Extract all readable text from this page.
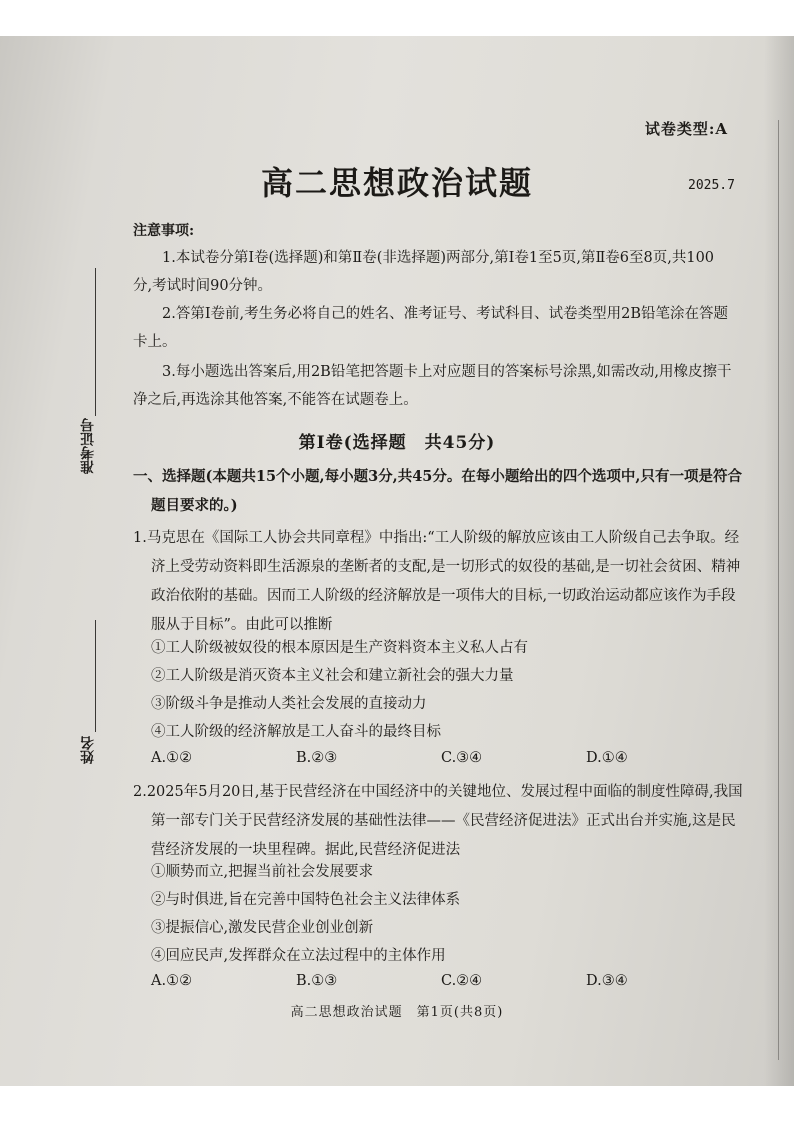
准考证号
姓名
试卷类型:A
高二思想政治试题	2025.7
注意事项:
1.本试卷分第Ⅰ卷(选择题)和第Ⅱ卷(非选择题)两部分,第Ⅰ卷1至5页,第Ⅱ卷6至8页,共100分,考试时间90分钟。
2.答第Ⅰ卷前,考生务必将自己的姓名、准考证号、考试科目、试卷类型用2B铅笔涂在答题卡上。
3.每小题选出答案后,用2B铅笔把答题卡上对应题目的答案标号涂黑,如需改动,用橡皮擦干净之后,再选涂其他答案,不能答在试题卷上。
第Ⅰ卷(选择题　共45分)
一、选择题(本题共15个小题,每小题3分,共45分。在每小题给出的四个选项中,只有一项是符合题目要求的。)
1.马克思在《国际工人协会共同章程》中指出:“工人阶级的解放应该由工人阶级自己去争取。经济上受劳动资料即生活源泉的垄断者的支配,是一切形式的奴役的基础,是一切社会贫困、精神政治依附的基础。因而工人阶级的经济解放是一项伟大的目标,一切政治运动都应该作为手段服从于目标”。由此可以推断
①工人阶级被奴役的根本原因是生产资料资本主义私人占有
②工人阶级是消灭资本主义社会和建立新社会的强大力量
③阶级斗争是推动人类社会发展的直接动力
④工人阶级的经济解放是工人奋斗的最终目标
A.①②	B.②③	C.③④	D.①④
2.2025年5月20日,基于民营经济在中国经济中的关键地位、发展过程中面临的制度性障碍,我国第一部专门关于民营经济发展的基础性法律——《民营经济促进法》正式出台并实施,这是民营经济发展的一块里程碑。据此,民营经济促进法
①顺势而立,把握当前社会发展要求
②与时俱进,旨在完善中国特色社会主义法律体系
③提振信心,激发民营企业创业创新
④回应民声,发挥群众在立法过程中的主体作用
A.①②	B.①③	C.②④	D.③④
高二思想政治试题　第1页(共8页)
